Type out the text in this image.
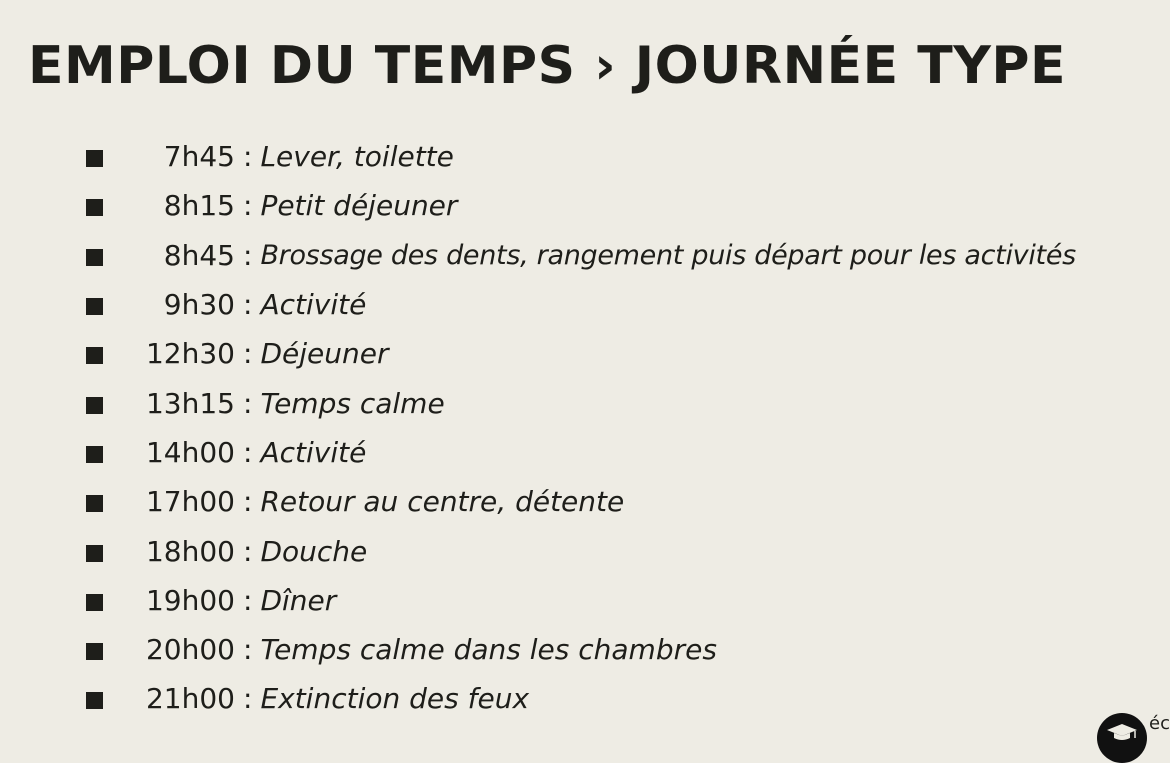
EMPLOI DU TEMPS › JOURNÉE TYPE
7h45 : Lever, toilette
8h15 : Petit déjeuner
8h45 : Brossage des dents, rangement puis départ pour les activités
9h30 : Activité
12h30 : Déjeuner
13h15 : Temps calme
14h00 : Activité
17h00 : Retour au centre, détente
18h00 : Douche
19h00 : Dîner
20h00 : Temps calme dans les chambres
21h00 : Extinction des feux
éc
